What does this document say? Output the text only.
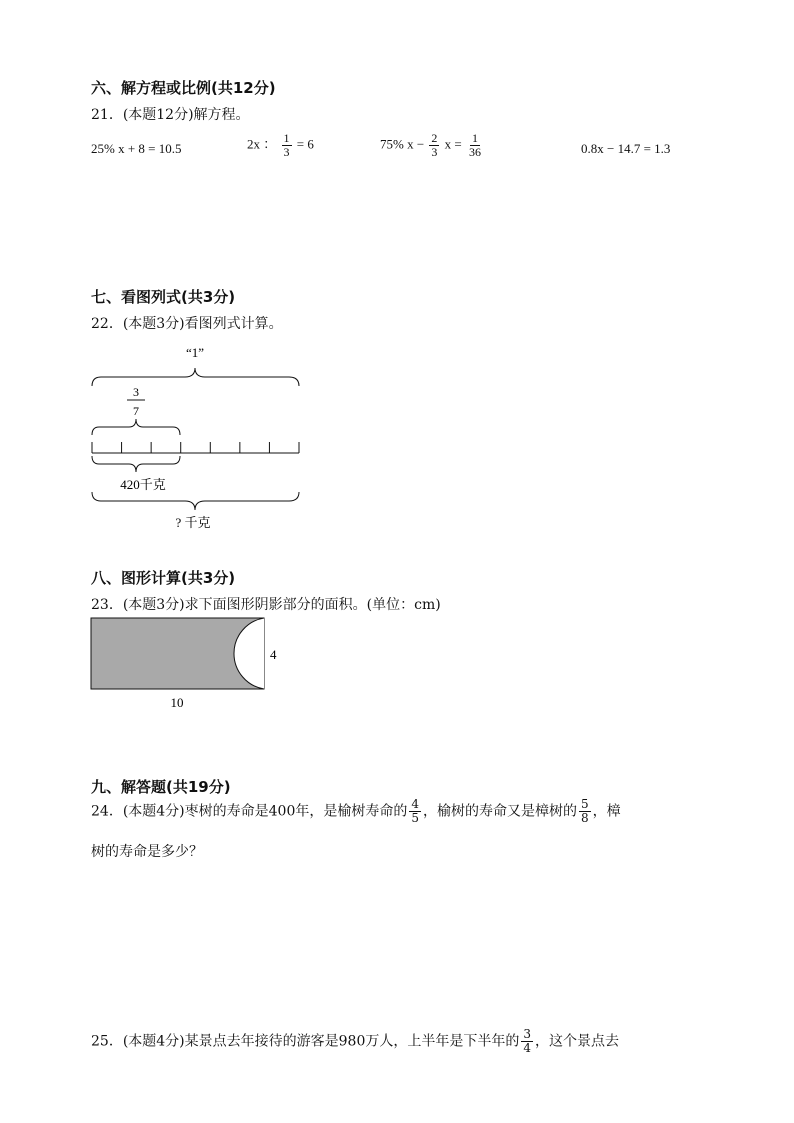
六、解方程或比例(共12分)
21．(本题12分)解方程。
25% x + 8 = 10.5	2x ： $\frac{1}{3} = 6$	75% $x - \frac{2}{3}$ $x = \frac{1}{36}$	0.8x − 14.7 = 1.3
七、看图列式(共3分)
22．(本题3分)看图列式计算。
“1”
3
7
420千克
? 千克
八、图形计算(共3分)
23．(本题3分)求下面图形阴影部分的面积。(单位：cm)
4
10
九、解答题(共19分)
24．(本题4分)枣树的寿命是400年，是榆树寿命的 $\frac{4}{5}$ ，榆树的寿命又是樟树的 $\frac{5}{8}$ ，樟
树的寿命是多少？
25．(本题4分)某景点去年接待的游客是980万人，上半年是下半年的 $\frac{3}{4}$ ，这个景点去
